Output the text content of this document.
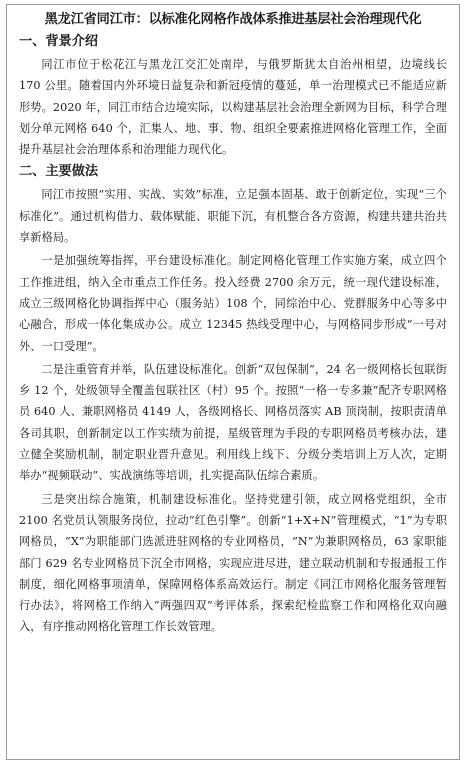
黑龙江省同江市：以标准化网格作战体系推进基层社会治理现代化
一、背景介绍

同江市位于松花江与黑龙江交汇处南岸，与俄罗斯犹太自治州相望，边境线长 170 公里。随着国内外环境日益复杂和新冠疫情的蔓延，单一治理模式已不能适应新形势。2020 年，同江市结合边境实际，以构建基层社会治理全新网为目标，科学合理划分单元网格 640 个，汇集人、地、事、物、组织全要素推进网格化管理工作，全面提升基层社会治理体系和治理能力现代化。

二、主要做法

同江市按照“实用、实战、实效”标准，立足强本固基、敢于创新定位，实现“三个标准化”。通过机构借力、载体赋能、职能下沉，有机整合各方资源，构建共建共治共享新格局。

一是加强统筹指挥，平台建设标准化。制定网格化管理工作实施方案，成立四个工作推进组，纳入全市重点工作任务。投入经费 2700 余万元，统一现代建设标准，成立三级网格化协调指挥中心（服务站）108 个，同综治中心、党群服务中心等多中心融合，形成一体化集成办公。成立 12345 热线受理中心，与网格同步形成“一号对外、一口受理”。

二是注重管育并举，队伍建设标准化。创新“双包保制”，24 名一级网格长包联街乡 12 个，处级领导全覆盖包联社区（村）95 个。按照“一格一专多兼”配齐专职网格员 640 人、兼职网格员 4149 人，各级网格长、网格员落实 AB 顶岗制，按职责清单各司其职，创新制定以工作实绩为前提，星级管理为手段的专职网格员考核办法，建立健全奖励机制，制定职业晋升意见。利用线上线下、分级分类培训上万人次，定期举办“视频联动”、实战演练等培训，扎实提高队伍综合素质。

三是突出综合施策，机制建设标准化。坚持党建引领，成立网格党组织，全市 2100 名党员认领服务岗位，拉动“红色引擎”。创新“1+X+N”管理模式，“1”为专职网格员，“X”为职能部门选派进驻网格的专业网格员，“N”为兼职网格员，63 家职能部门 629 名专业网格员下沉全市网格，实现应进尽进，建立联动机制和专报通报工作制度，细化网格事项清单，保障网格体系高效运行。制定《同江市网格化服务管理暂行办法》，将网格工作纳入“两强四双”考评体系，探索纪检监察工作和网格化双向融入，有序推动网格化管理工作长效管理。
